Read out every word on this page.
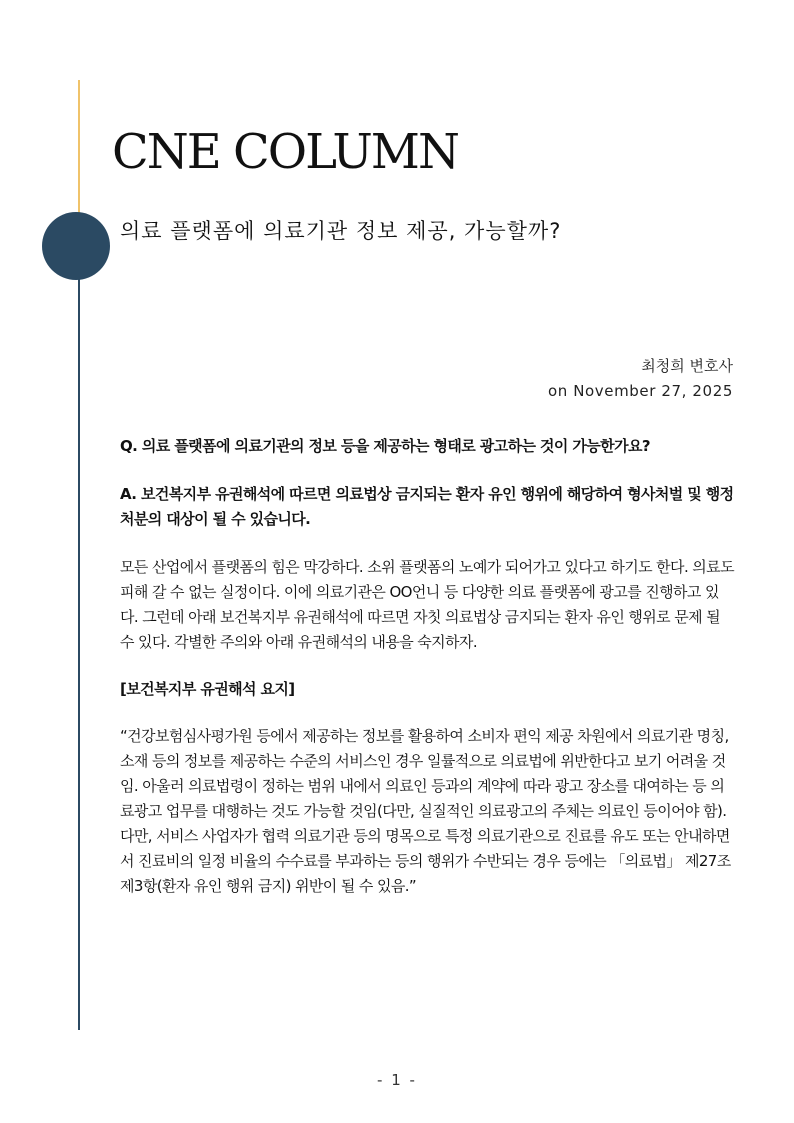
CNE COLUMN
의료 플랫폼에 의료기관 정보 제공, 가능할까?
최청희 변호사
on November 27, 2025

Q. 의료 플랫폼에 의료기관의 정보 등을 제공하는 형태로 광고하는 것이 가능한가요?

A. 보건복지부 유권해석에 따르면 의료법상 금지되는 환자 유인 행위에 해당하여 형사처벌 및 행정처분의 대상이 될 수 있습니다.

모든 산업에서 플랫폼의 힘은 막강하다. 소위 플랫폼의 노예가 되어가고 있다고 하기도 한다. 의료도 피해 갈 수 없는 실정이다. 이에 의료기관은 OO언니 등 다양한 의료 플랫폼에 광고를 진행하고 있다. 그런데 아래 보건복지부 유권해석에 따르면 자칫 의료법상 금지되는 환자 유인 행위로 문제 될 수 있다. 각별한 주의와 아래 유권해석의 내용을 숙지하자.

[보건복지부 유권해석 요지]

“건강보험심사평가원 등에서 제공하는 정보를 활용하여 소비자 편익 제공 차원에서 의료기관 명칭, 소재 등의 정보를 제공하는 수준의 서비스인 경우 일률적으로 의료법에 위반한다고 보기 어려울 것임. 아울러 의료법령이 정하는 범위 내에서 의료인 등과의 계약에 따라 광고 장소를 대여하는 등 의료광고 업무를 대행하는 것도 가능할 것임(다만, 실질적인 의료광고의 주체는 의료인 등이어야 함). 다만, 서비스 사업자가 협력 의료기관 등의 명목으로 특정 의료기관으로 진료를 유도 또는 안내하면서 진료비의 일정 비율의 수수료를 부과하는 등의 행위가 수반되는 경우 등에는 「의료법」 제27조 제3항(환자 유인 행위 금지) 위반이 될 수 있음.”

- 1 -
